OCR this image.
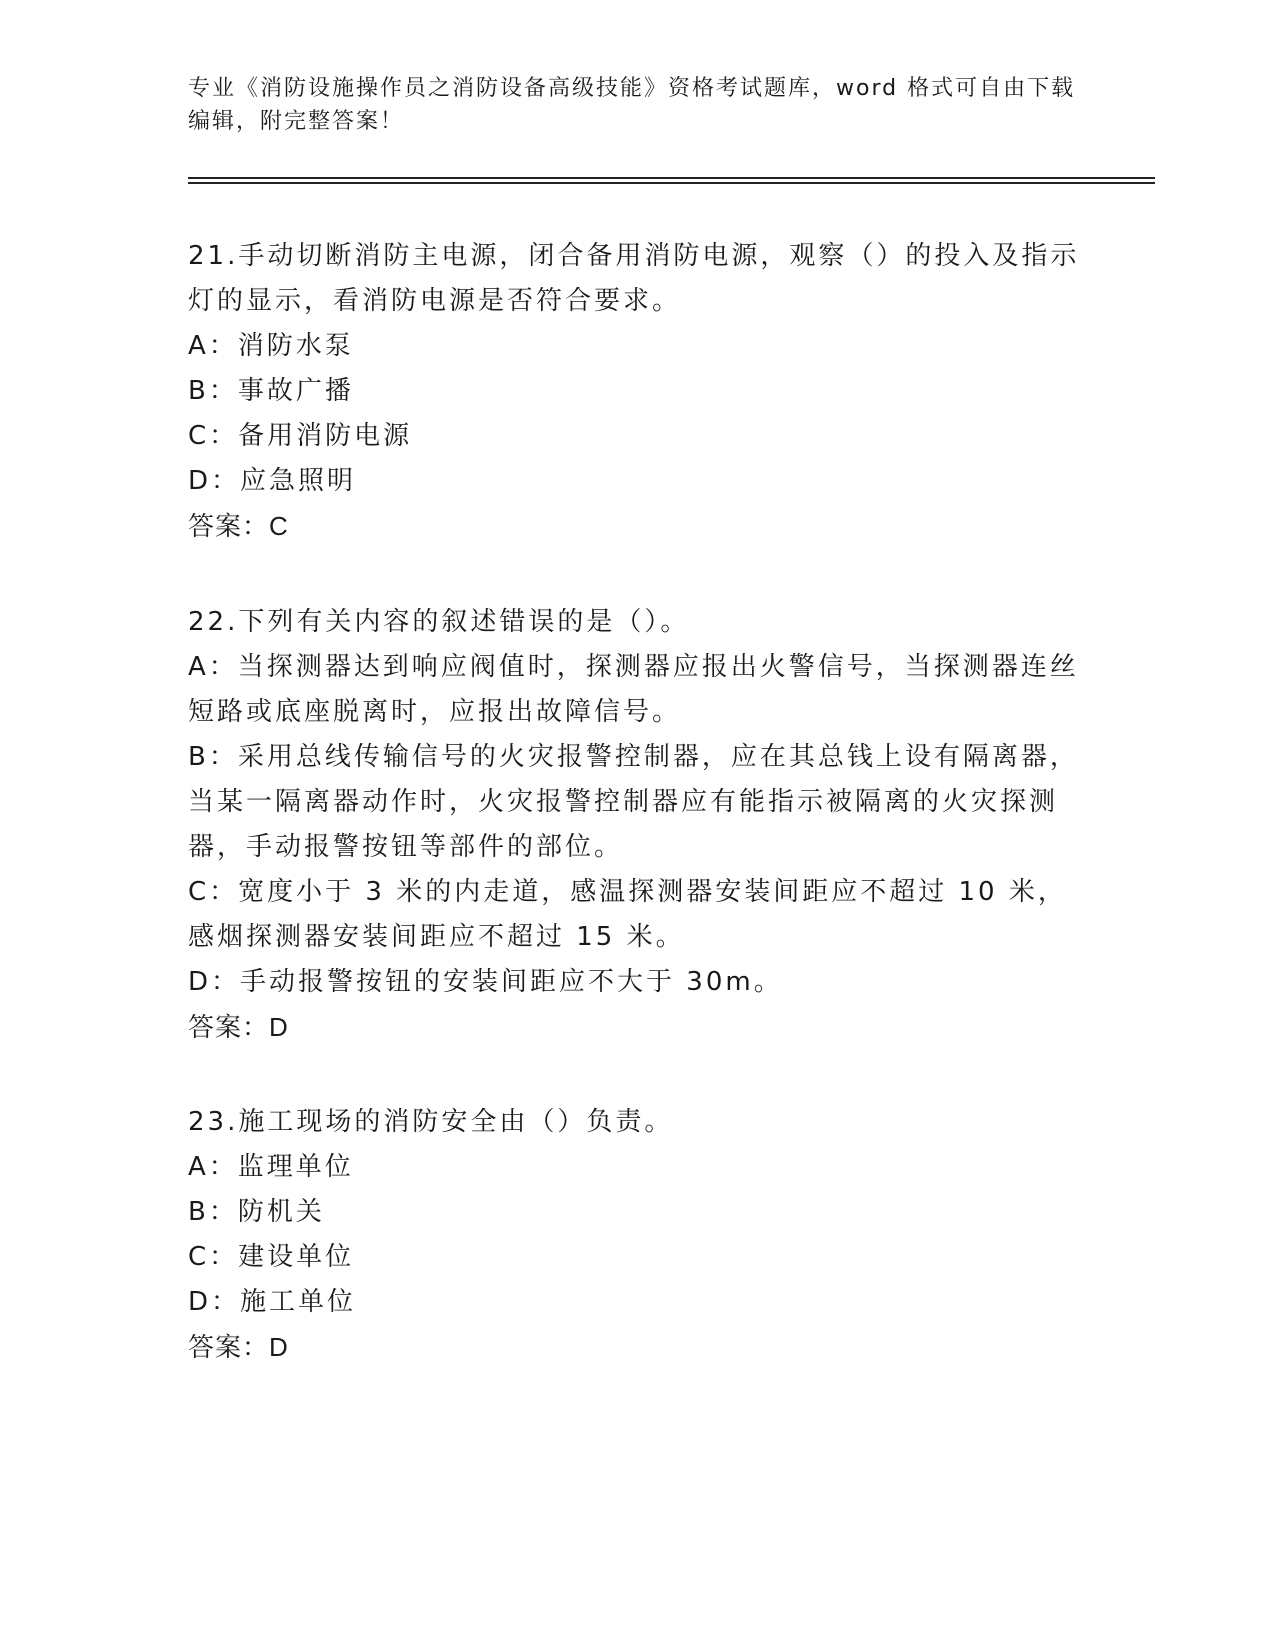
专业《消防设施操作员之消防设备高级技能》资格考试题库，word 格式可自由下载编辑，附完整答案！
21.手动切断消防主电源，闭合备用消防电源，观察（）的投入及指示灯的显示，看消防电源是否符合要求。
A：消防水泵
B：事故广播
C：备用消防电源
D：应急照明
答案：C
22.下列有关内容的叙述错误的是（）。
A：当探测器达到响应阀值时，探测器应报出火警信号，当探测器连丝短路或底座脱离时，应报出故障信号。
B：采用总线传输信号的火灾报警控制器，应在其总钱上设有隔离器，当某一隔离器动作时，火灾报警控制器应有能指示被隔离的火灾探测器，手动报警按钮等部件的部位。
C：宽度小于 3 米的内走道，感温探测器安装间距应不超过 10 米，感烟探测器安装间距应不超过 15 米。
D：手动报警按钮的安装间距应不大于 30m。
答案：D
23.施工现场的消防安全由（）负责。
A：监理单位
B：防机关
C：建设单位
D：施工单位
答案：D
